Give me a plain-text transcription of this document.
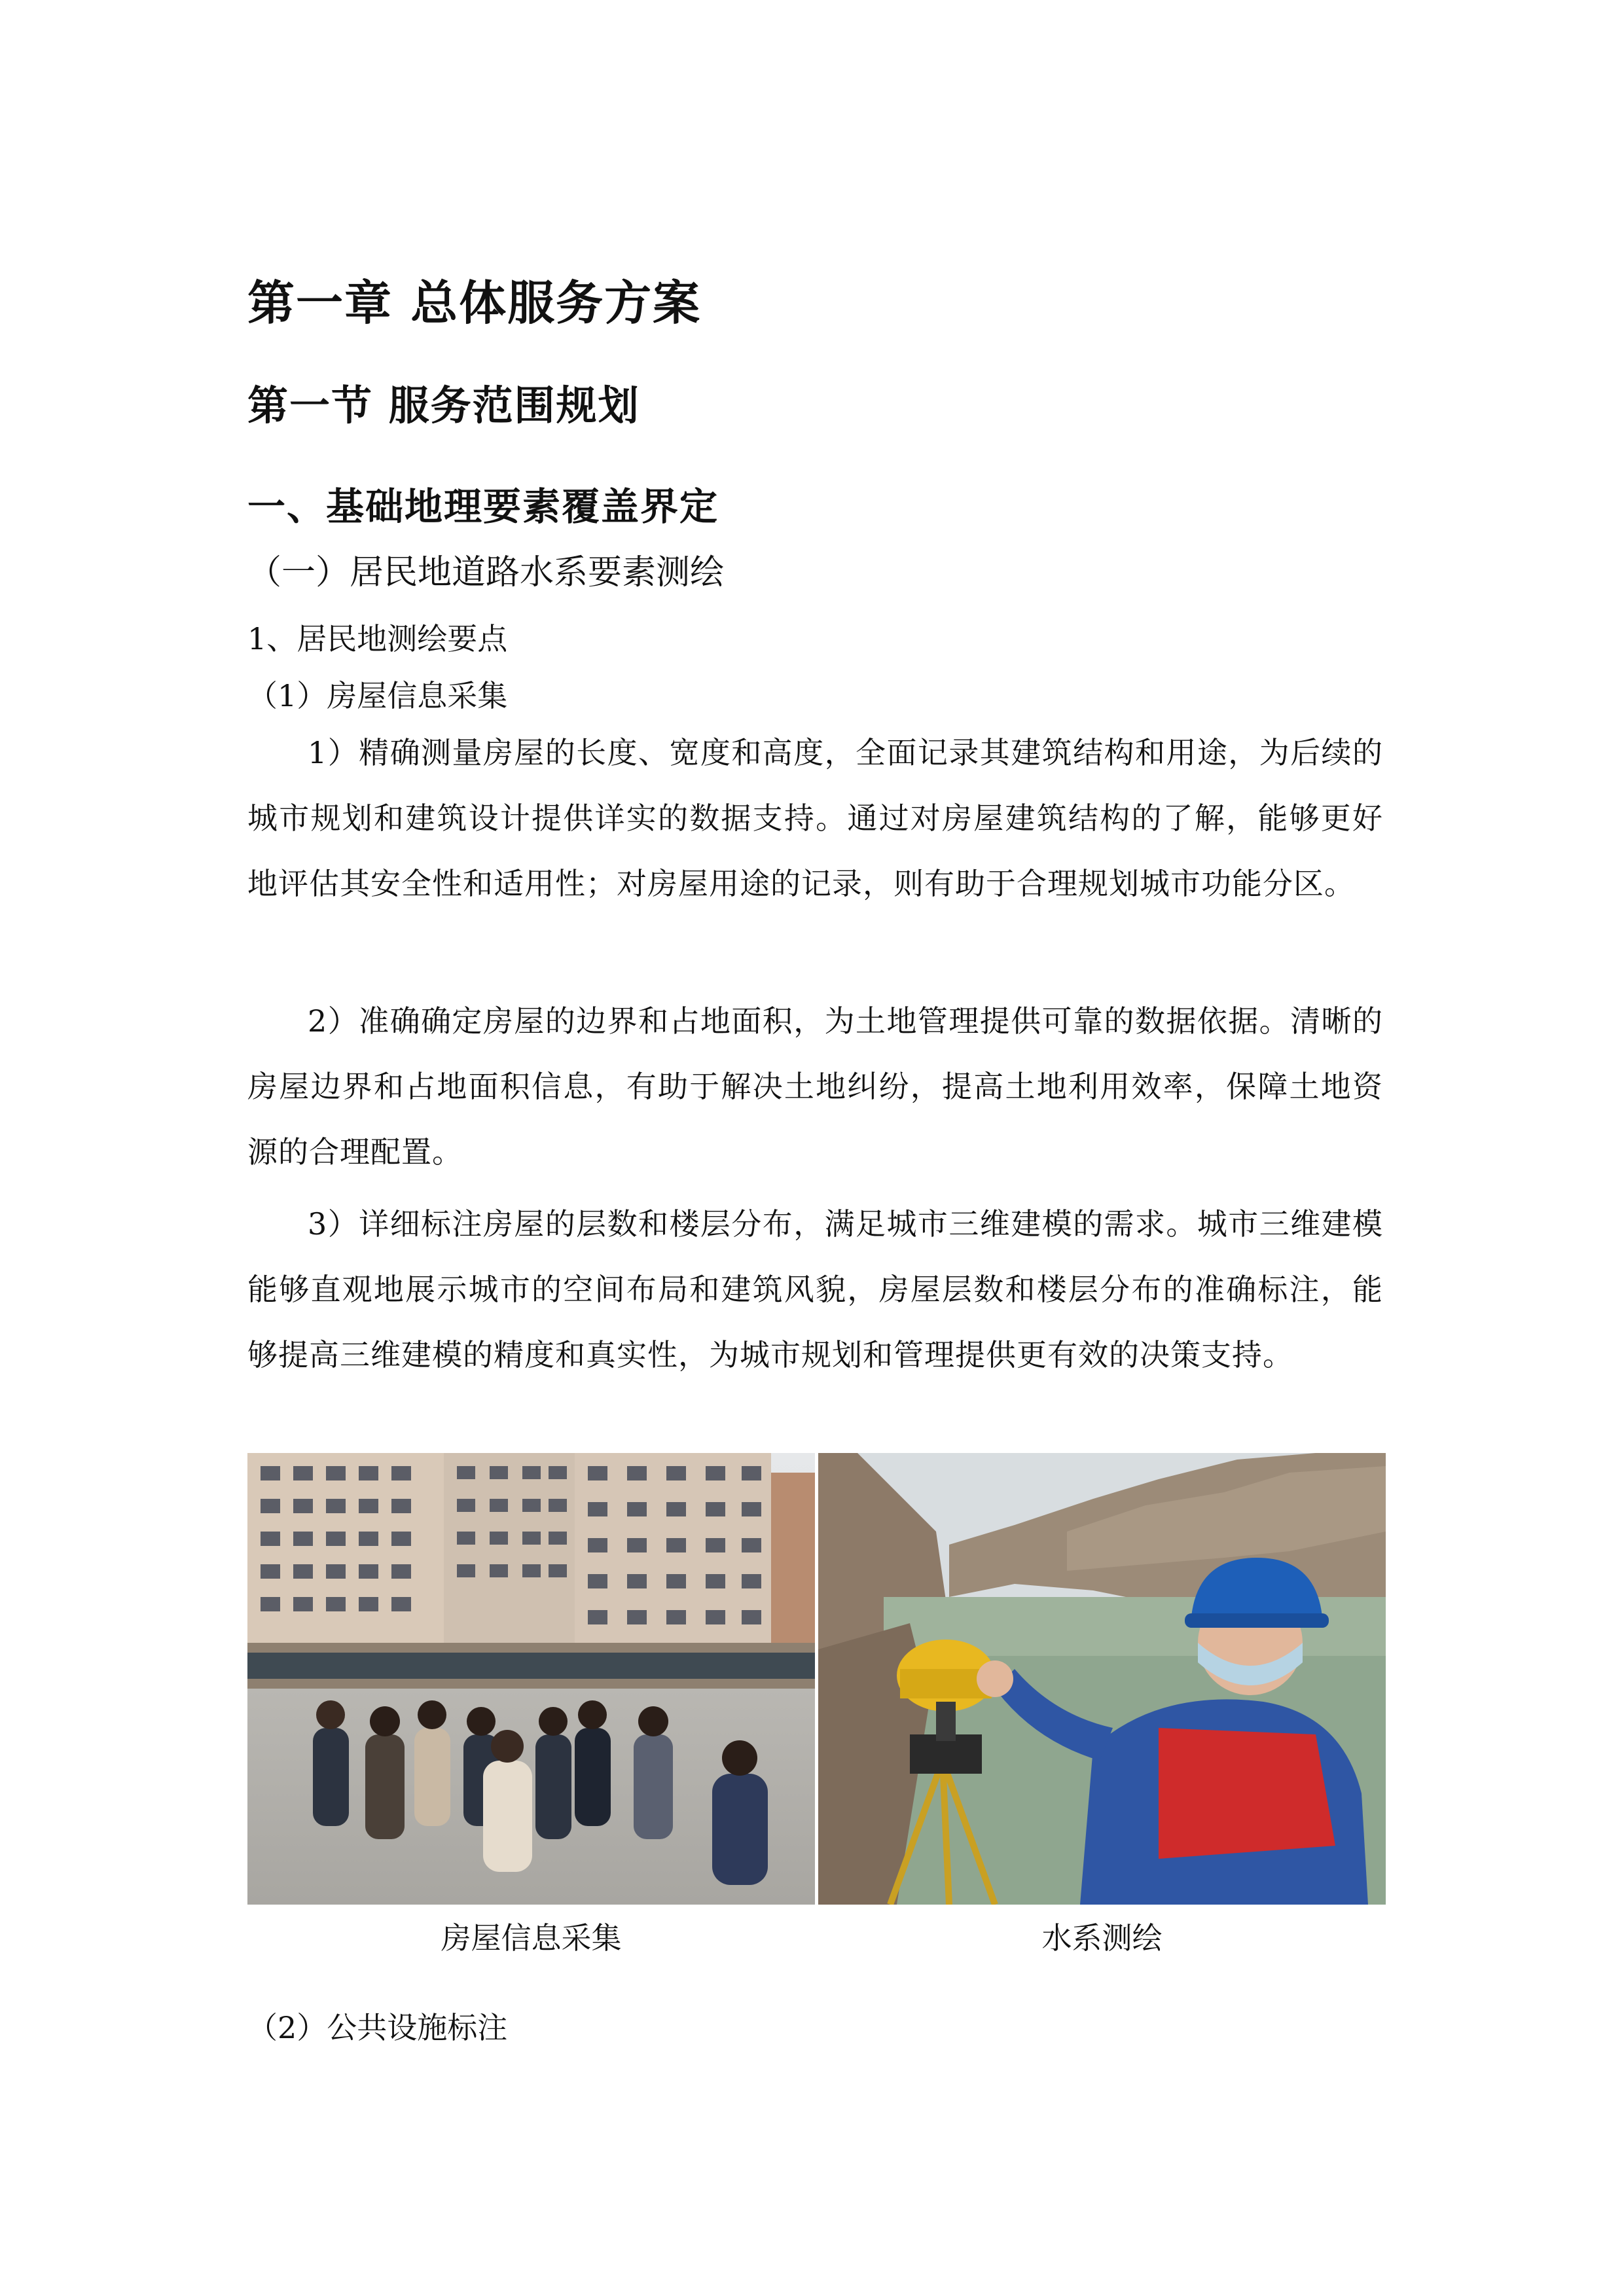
第一章 总体服务方案
第一节 服务范围规划
一、基础地理要素覆盖界定
（一）居民地道路水系要素测绘
1、居民地测绘要点
（1）房屋信息采集
1）精确测量房屋的长度、宽度和高度，全面记录其建筑结构和用途，为后续的城市规划和建筑设计提供详实的数据支持。通过对房屋建筑结构的了解，能够更好地评估其安全性和适用性；对房屋用途的记录，则有助于合理规划城市功能分区。
2）准确确定房屋的边界和占地面积，为土地管理提供可靠的数据依据。清晰的房屋边界和占地面积信息，有助于解决土地纠纷，提高土地利用效率，保障土地资源的合理配置。
3）详细标注房屋的层数和楼层分布，满足城市三维建模的需求。城市三维建模能够直观地展示城市的空间布局和建筑风貌，房屋层数和楼层分布的准确标注，能够提高三维建模的精度和真实性，为城市规划和管理提供更有效的决策支持。
房屋信息采集	水系测绘
（2）公共设施标注
